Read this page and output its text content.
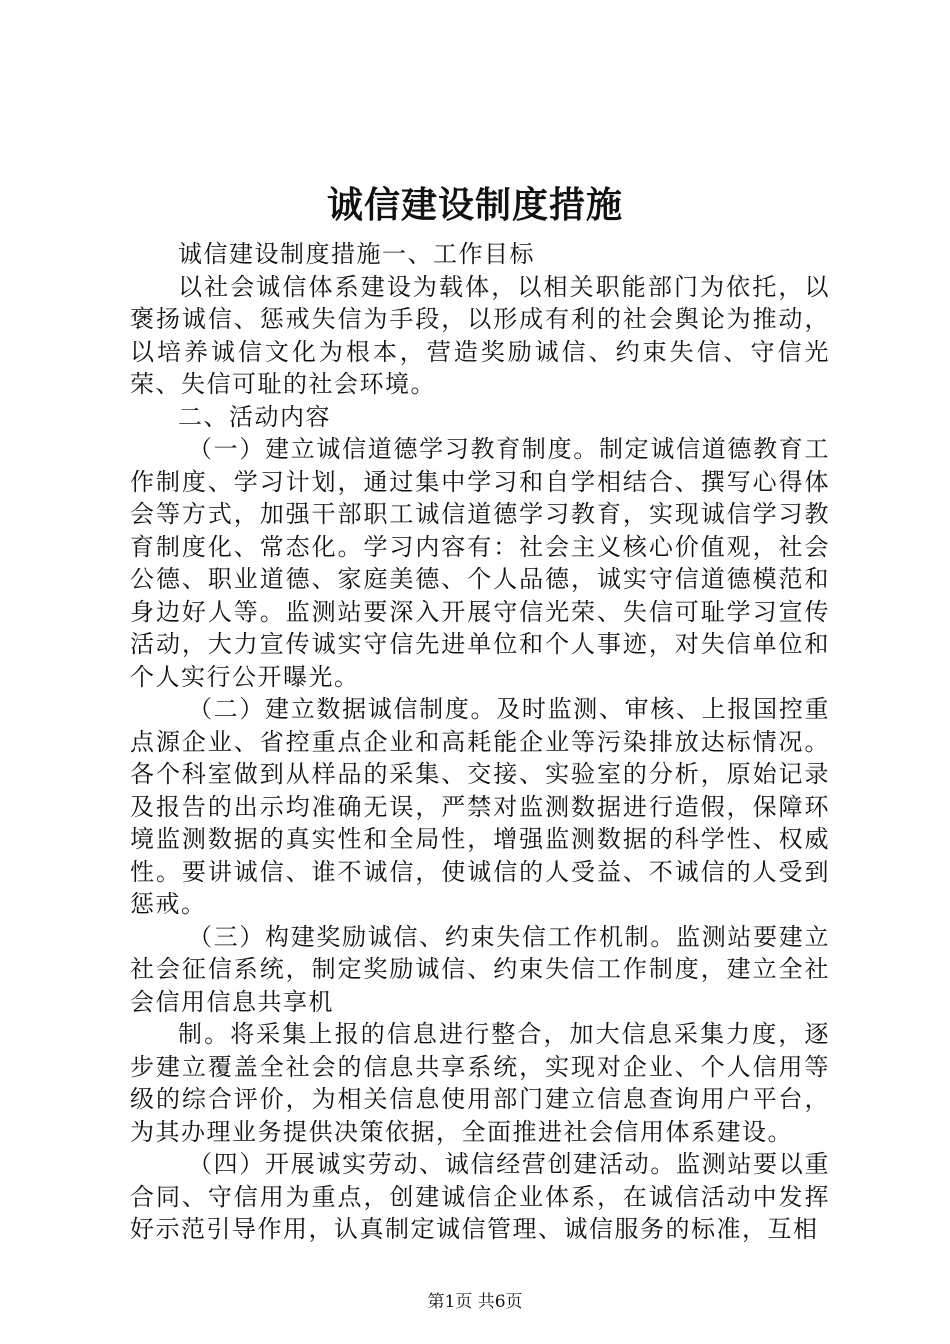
诚信建设制度措施

诚信建设制度措施一、工作目标

以社会诚信体系建设为载体，以相关职能部门为依托，以褒扬诚信、惩戒失信为手段，以形成有利的社会舆论为推动，以培养诚信文化为根本，营造奖励诚信、约束失信、守信光荣、失信可耻的社会环境。

二、活动内容

（一）建立诚信道德学习教育制度。制定诚信道德教育工作制度、学习计划，通过集中学习和自学相结合、撰写心得体会等方式，加强干部职工诚信道德学习教育，实现诚信学习教育制度化、常态化。学习内容有：社会主义核心价值观，社会公德、职业道德、家庭美德、个人品德，诚实守信道德模范和身边好人等。监测站要深入开展守信光荣、失信可耻学习宣传活动，大力宣传诚实守信先进单位和个人事迹，对失信单位和个人实行公开曝光。

（二）建立数据诚信制度。及时监测、审核、上报国控重点源企业、省控重点企业和高耗能企业等污染排放达标情况。各个科室做到从样品的采集、交接、实验室的分析，原始记录及报告的出示均准确无误，严禁对监测数据进行造假，保障环境监测数据的真实性和全局性，增强监测数据的科学性、权威性。要讲诚信、谁不诚信，使诚信的人受益、不诚信的人受到惩戒。

（三）构建奖励诚信、约束失信工作机制。监测站要建立社会征信系统，制定奖励诚信、约束失信工作制度，建立全社会信用信息共享机

制。将采集上报的信息进行整合，加大信息采集力度，逐步建立覆盖全社会的信息共享系统，实现对企业、个人信用等级的综合评价，为相关信息使用部门建立信息查询用户平台，为其办理业务提供决策依据，全面推进社会信用体系建设。

（四）开展诚实劳动、诚信经营创建活动。监测站要以重合同、守信用为重点，创建诚信企业体系，在诚信活动中发挥好示范引导作用，认真制定诚信管理、诚信服务的标准，互相

第1页 共6页
